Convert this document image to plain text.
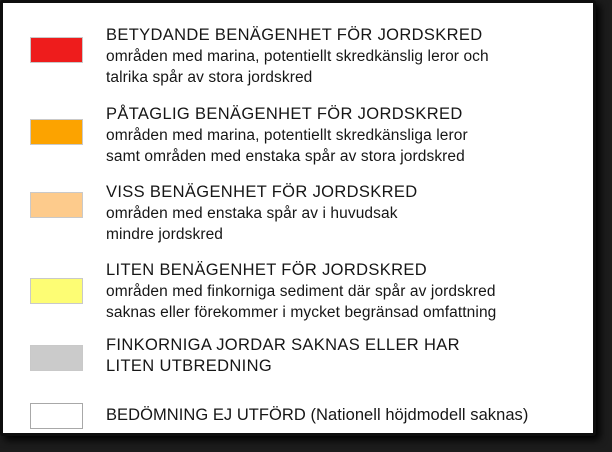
BETYDANDE BENÄGENHET FÖR JORDSKRED
områden med marina, potentiellt skredkänslig leror och
talrika spår av stora jordskred
PÅTAGLIG BENÄGENHET FÖR JORDSKRED
områden med marina, potentiellt skredkänsliga leror
samt områden med enstaka spår av stora jordskred
VISS BENÄGENHET FÖR JORDSKRED
områden med enstaka spår av i huvudsak
mindre jordskred
LITEN BENÄGENHET FÖR JORDSKRED
områden med finkorniga sediment där spår av jordskred
saknas eller förekommer i mycket begränsad omfattning
FINKORNIGA JORDAR SAKNAS ELLER HAR
LITEN UTBREDNING
BEDÖMNING EJ UTFÖRD (Nationell höjdmodell saknas)
